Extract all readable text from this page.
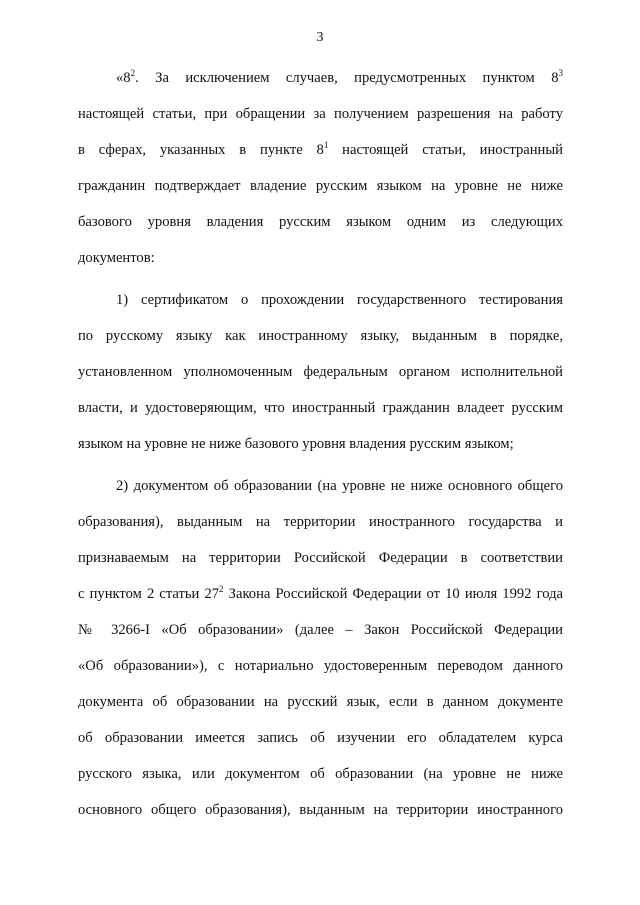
3
«$8^2$. За исключением случаев, предусмотренных пунктом $8^3$
настоящей статьи, при обращении за получением разрешения на работу
в сферах, указанных в пункте $8^1$ настоящей статьи, иностранный
гражданин подтверждает владение русским языком на уровне не ниже
базового уровня владения русским языком одним из следующих
документов:
1) сертификатом о прохождении государственного тестирования
по русскому языку как иностранному языку, выданным в порядке,
установленном уполномоченным федеральным органом исполнительной
власти, и удостоверяющим, что иностранный гражданин владеет русским
языком на уровне не ниже базового уровня владения русским языком;
2) документом об образовании (на уровне не ниже основного общего
образования), выданным на территории иностранного государства и
признаваемым на территории Российской Федерации в соответствии
с пунктом 2 статьи $27^2$ Закона Российской Федерации от 10 июля 1992 года
№ 3266-I «Об образовании» (далее – Закон Российской Федерации
«Об образовании»), с нотариально удостоверенным переводом данного
документа об образовании на русский язык, если в данном документе
об образовании имеется запись об изучении его обладателем курса
русского языка, или документом об образовании (на уровне не ниже
основного общего образования), выданным на территории иностранного
